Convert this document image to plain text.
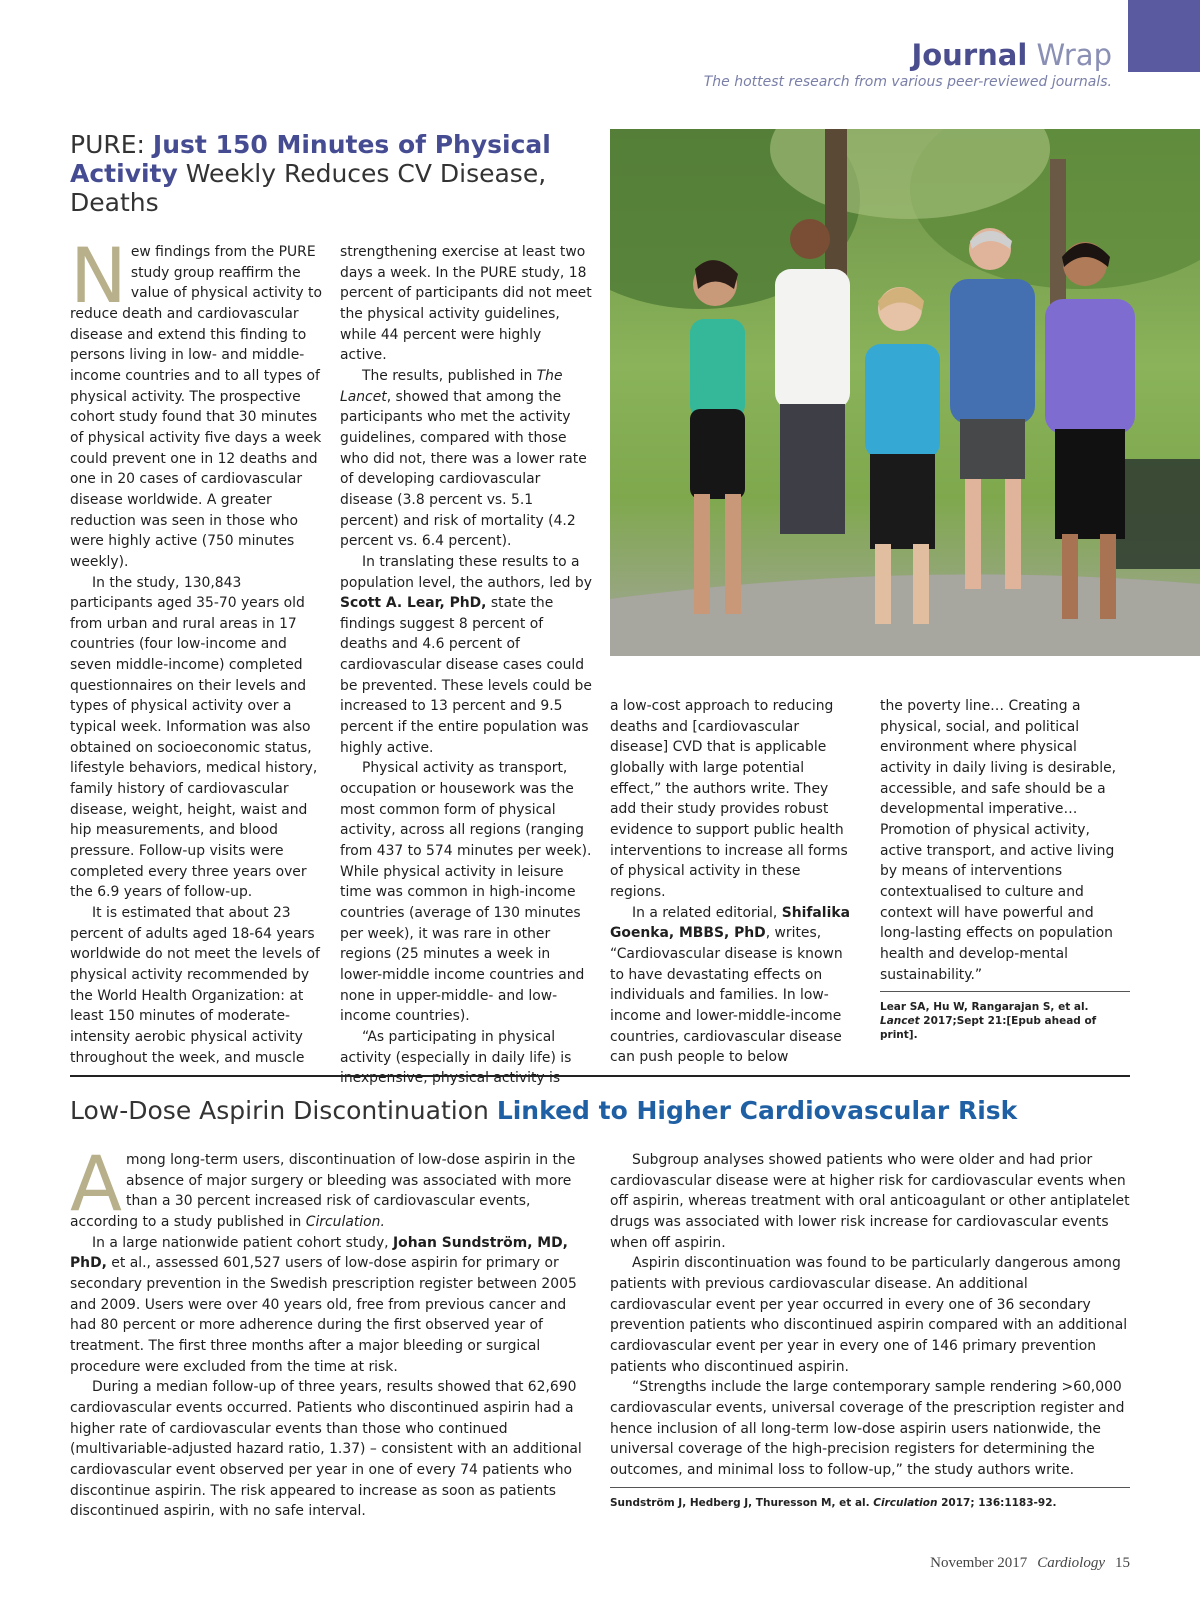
Journal Wrap
The hottest research from various peer-reviewed journals.
PURE: Just 150 Minutes of Physical Activity Weekly Reduces CV Disease, Deaths

New findings from the PURE study group reaffirm the value of physical activity to reduce death and cardiovascular disease and extend this finding to persons living in low- and middle-income countries and to all types of physical activity. The prospective cohort study found that 30 minutes of physical activity five days a week could prevent one in 12 deaths and one in 20 cases of cardiovascular disease worldwide. A greater reduction was seen in those who were highly active (750 minutes weekly).

In the study, 130,843 participants aged 35-70 years old from urban and rural areas in 17 countries (four low-income and seven middle-income) completed questionnaires on their levels and types of physical activity over a typical week. Information was also obtained on socioeconomic status, lifestyle behaviors, medical history, family history of cardiovascular disease, weight, height, waist and hip measurements, and blood pressure. Follow-up visits were completed every three years over the 6.9 years of follow-up.

It is estimated that about 23 percent of adults aged 18-64 years worldwide do not meet the levels of physical activity recommended by the World Health Organization: at least 150 minutes of moderate-intensity aerobic physical activity throughout the week, and muscle

strengthening exercise at least two days a week. In the PURE study, 18 percent of participants did not meet the physical activity guidelines, while 44 percent were highly active.

The results, published in The Lancet, showed that among the participants who met the activity guidelines, compared with those who did not, there was a lower rate of developing cardiovascular disease (3.8 percent vs. 5.1 percent) and risk of mortality (4.2 percent vs. 6.4 percent).

In translating these results to a population level, the authors, led by Scott A. Lear, PhD, state the findings suggest 8 percent of deaths and 4.6 percent of cardiovascular disease cases could be prevented. These levels could be increased to 13 percent and 9.5 percent if the entire population was highly active.

Physical activity as transport, occupation or housework was the most common form of physical activity, across all regions (ranging from 437 to 574 minutes per week). While physical activity in leisure time was common in high-income countries (average of 130 minutes per week), it was rare in other regions (25 minutes a week in lower-middle income countries and none in upper-middle- and low-income countries).

“As participating in physical activity (especially in daily life) is inexpensive, physical activity is

a low-cost approach to reducing deaths and [cardiovascular disease] CVD that is applicable globally with large potential effect,” the authors write. They add their study provides robust evidence to support public health interventions to increase all forms of physical activity in these regions.

In a related editorial, Shifalika Goenka, MBBS, PhD, writes, “Cardiovascular disease is known to have devastating effects on individuals and families. In low-income and lower-middle-income countries, cardiovascular disease can push people to below

the poverty line… Creating a physical, social, and political environment where physical activity in daily living is desirable, accessible, and safe should be a developmental imperative… Promotion of physical activity, active transport, and active living by means of interventions contextualised to culture and context will have powerful and long-lasting effects on population health and develop-mental sustainability.”

Lear SA, Hu W, Rangarajan S, et al. Lancet 2017;Sept 21:[Epub ahead of print].

Low-Dose Aspirin Discontinuation Linked to Higher Cardiovascular Risk

Among long-term users, discontinuation of low-dose aspirin in the absence of major surgery or bleeding was associated with more than a 30 percent increased risk of cardiovascular events, according to a study published in Circulation.

In a large nationwide patient cohort study, Johan Sundström, MD, PhD, et al., assessed 601,527 users of low-dose aspirin for primary or secondary prevention in the Swedish prescription register between 2005 and 2009. Users were over 40 years old, free from previous cancer and had 80 percent or more adherence during the first observed year of treatment. The first three months after a major bleeding or surgical procedure were excluded from the time at risk.

During a median follow-up of three years, results showed that 62,690 cardiovascular events occurred. Patients who discontinued aspirin had a higher rate of cardiovascular events than those who continued (multivariable-adjusted hazard ratio, 1.37) – consistent with an additional cardiovascular event observed per year in one of every 74 patients who discontinue aspirin. The risk appeared to increase as soon as patients discontinued aspirin, with no safe interval.

Subgroup analyses showed patients who were older and had prior cardiovascular disease were at higher risk for cardiovascular events when off aspirin, whereas treatment with oral anticoagulant or other antiplatelet drugs was associated with lower risk increase for cardiovascular events when off aspirin.

Aspirin discontinuation was found to be particularly dangerous among patients with previous cardiovascular disease. An additional cardiovascular event per year occurred in every one of 36 secondary prevention patients who discontinued aspirin compared with an additional cardiovascular event per year in every one of 146 primary prevention patients who discontinued aspirin.

“Strengths include the large contemporary sample rendering >60,000 cardiovascular events, universal coverage of the prescription register and hence inclusion of all long-term low-dose aspirin users nationwide, the universal coverage of the high-precision registers for determining the outcomes, and minimal loss to follow-up,” the study authors write.

Sundström J, Hedberg J, Thuresson M, et al. Circulation 2017; 136:1183-92.

November 2017 Cardiology 15
